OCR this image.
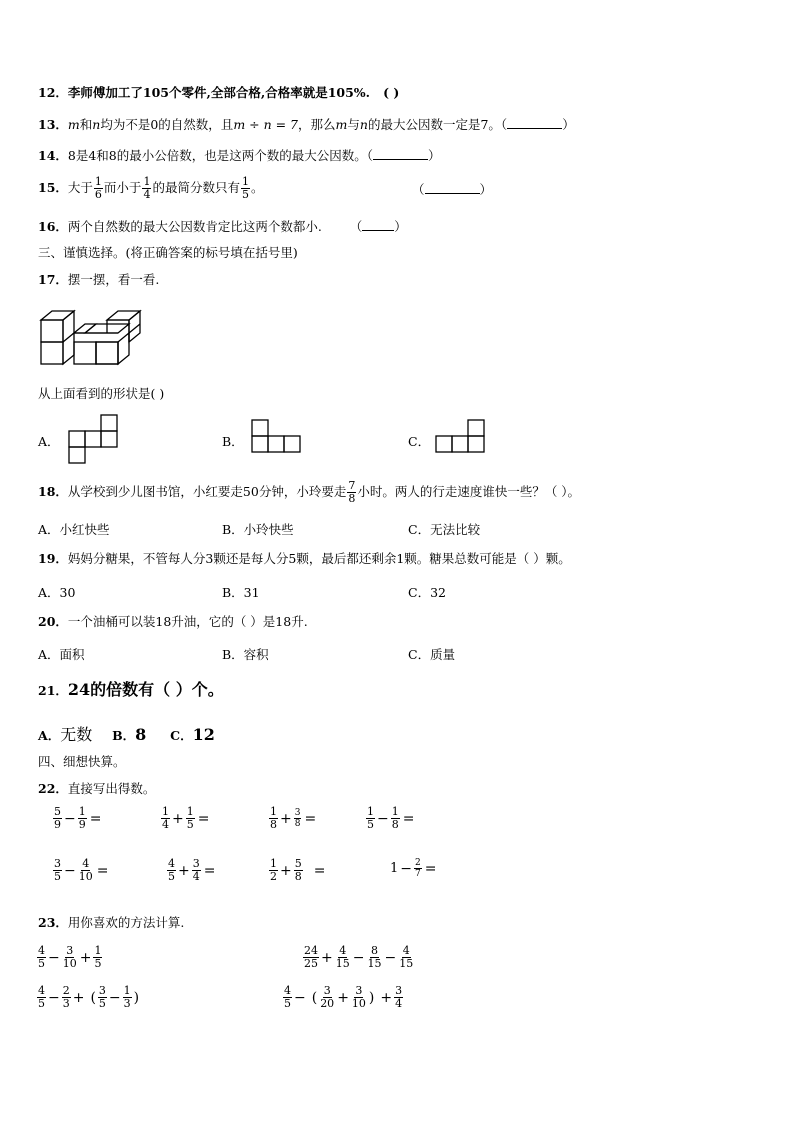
12．李师傅加工了105个零件,全部合格,合格率就是105%. ( )
13．m和n均为不是0的自然数，且m ÷ n = 7，那么m与n的最大公因数一定是7。（	）
14．8是4和8的最小公倍数，也是这两个数的最大公因数。（	）
15．大于 $\frac{1}{6}$ 而小于 $\frac{1}{4}$ 的最简分数只有 $\frac{1}{5}$ 。	（	）
16．两个自然数的最大公因数肯定比这两个数都小. （	）
三、谨慎选择。(将正确答案的标号填在括号里)
17．摆一摆，看一看.
从上面看到的形状是( )
A．	B．	C．
18．从学校到少儿图书馆，小红要走50分钟，小玲要走 $\frac{7}{8}$ 小时。两人的行走速度谁快一些？（ ）。
A．小红快些	B．小玲快些	C．无法比较
19．妈妈分糖果，不管每人分3颗还是每人分5颗，最后都还剩余1颗。糖果总数可能是（ ）颗。
A．30	B．31	C．32
20．一个油桶可以装18升油，它的（ ）是18升.
A．面积	B．容积	C．质量
21．24的倍数有（ ）个。
A．无数 B．8 C．12
四、细想快算。
22．直接写出得数。
$\frac{5}{9} - \frac{1}{9}$ =	$\frac{1}{4} + \frac{1}{5}$ =	$\frac{1}{8} + \frac{3}{8}$ =	$\frac{1}{5} - \frac{1}{8}$ =
$\frac{3}{5} - \frac{4}{10}$ =	$\frac{4}{5} + \frac{3}{4}$ =	$\frac{1}{2} + \frac{5}{8}$ =	$1 - \frac{2}{7}$ =
23．用你喜欢的方法计算.
$\frac{4}{5} - \frac{3}{10} + \frac{1}{5}$	$\frac{24}{25} + \frac{4}{15} - \frac{8}{15} - \frac{4}{15}$
$\frac{4}{5} - \frac{2}{3}$ + ( $\frac{3}{5} - \frac{1}{3}$ )	$\frac{4}{5}$ − ( $\frac{3}{20} + \frac{3}{10}$ ) + $\frac{3}{4}$
